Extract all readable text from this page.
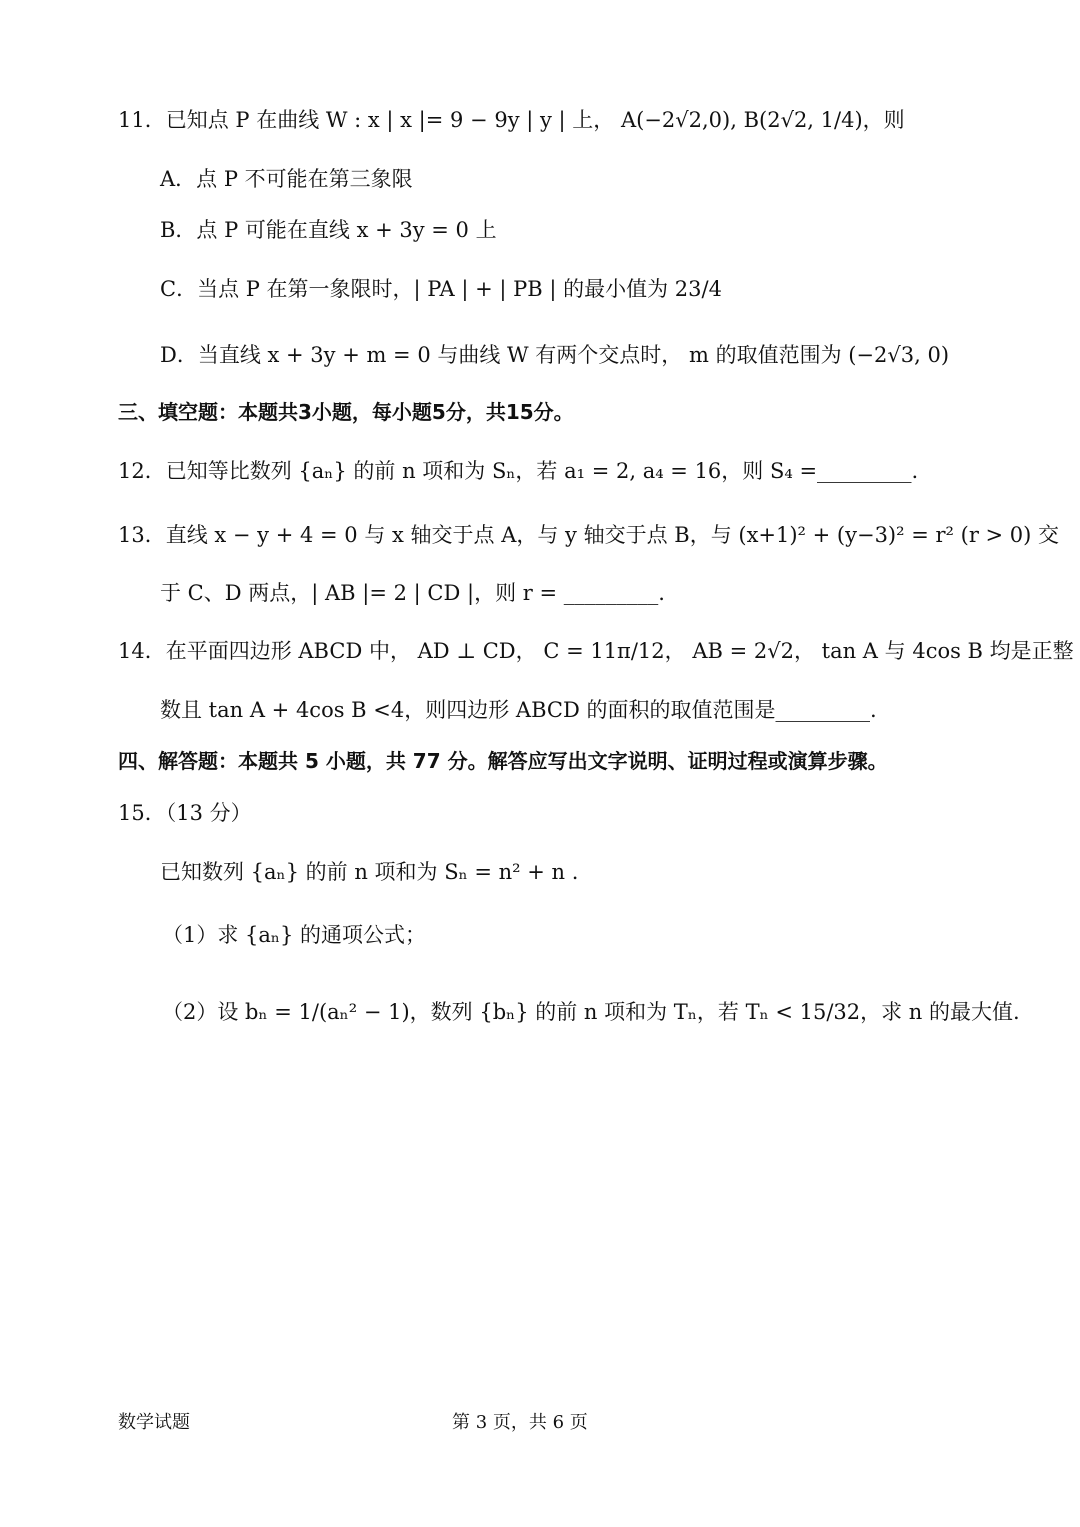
11．已知点 P 在曲线 W : x | x |= 9 − 9y | y | 上， A(−2√2,0), B(2√2, 1/4)，则
A．点 P 不可能在第三象限
B．点 P 可能在直线 x + 3y = 0 上
C．当点 P 在第一象限时，| PA | + | PB | 的最小值为 23/4
D．当直线 x + 3y + m = 0 与曲线 W 有两个交点时， m 的取值范围为 (−2√3, 0)
三、填空题：本题共3小题，每小题5分，共15分。
12．已知等比数列 {aₙ} 的前 n 项和为 Sₙ，若 a₁ = 2, a₄ = 16，则 S₄ =_________.
13．直线 x − y + 4 = 0 与 x 轴交于点 A，与 y 轴交于点 B，与 (x+1)² + (y−3)² = r² (r > 0) 交
于 C、D 两点，| AB |= 2 | CD |，则 r = _________.
14．在平面四边形 ABCD 中， AD ⊥ CD， C = 11π/12， AB = 2√2， tan A 与 4cos B 均是正整
数且 tan A + 4cos B <4，则四边形 ABCD 的面积的取值范围是_________.
四、解答题：本题共 5 小题，共 77 分。解答应写出文字说明、证明过程或演算步骤。
15．（13 分）
已知数列 {aₙ} 的前 n 项和为 Sₙ = n² + n .
（1）求 {aₙ} 的通项公式；
（2）设 bₙ = 1/(aₙ² − 1)，数列 {bₙ} 的前 n 项和为 Tₙ，若 Tₙ < 15/32，求 n 的最大值.
数学试题	第 3 页，共 6 页
